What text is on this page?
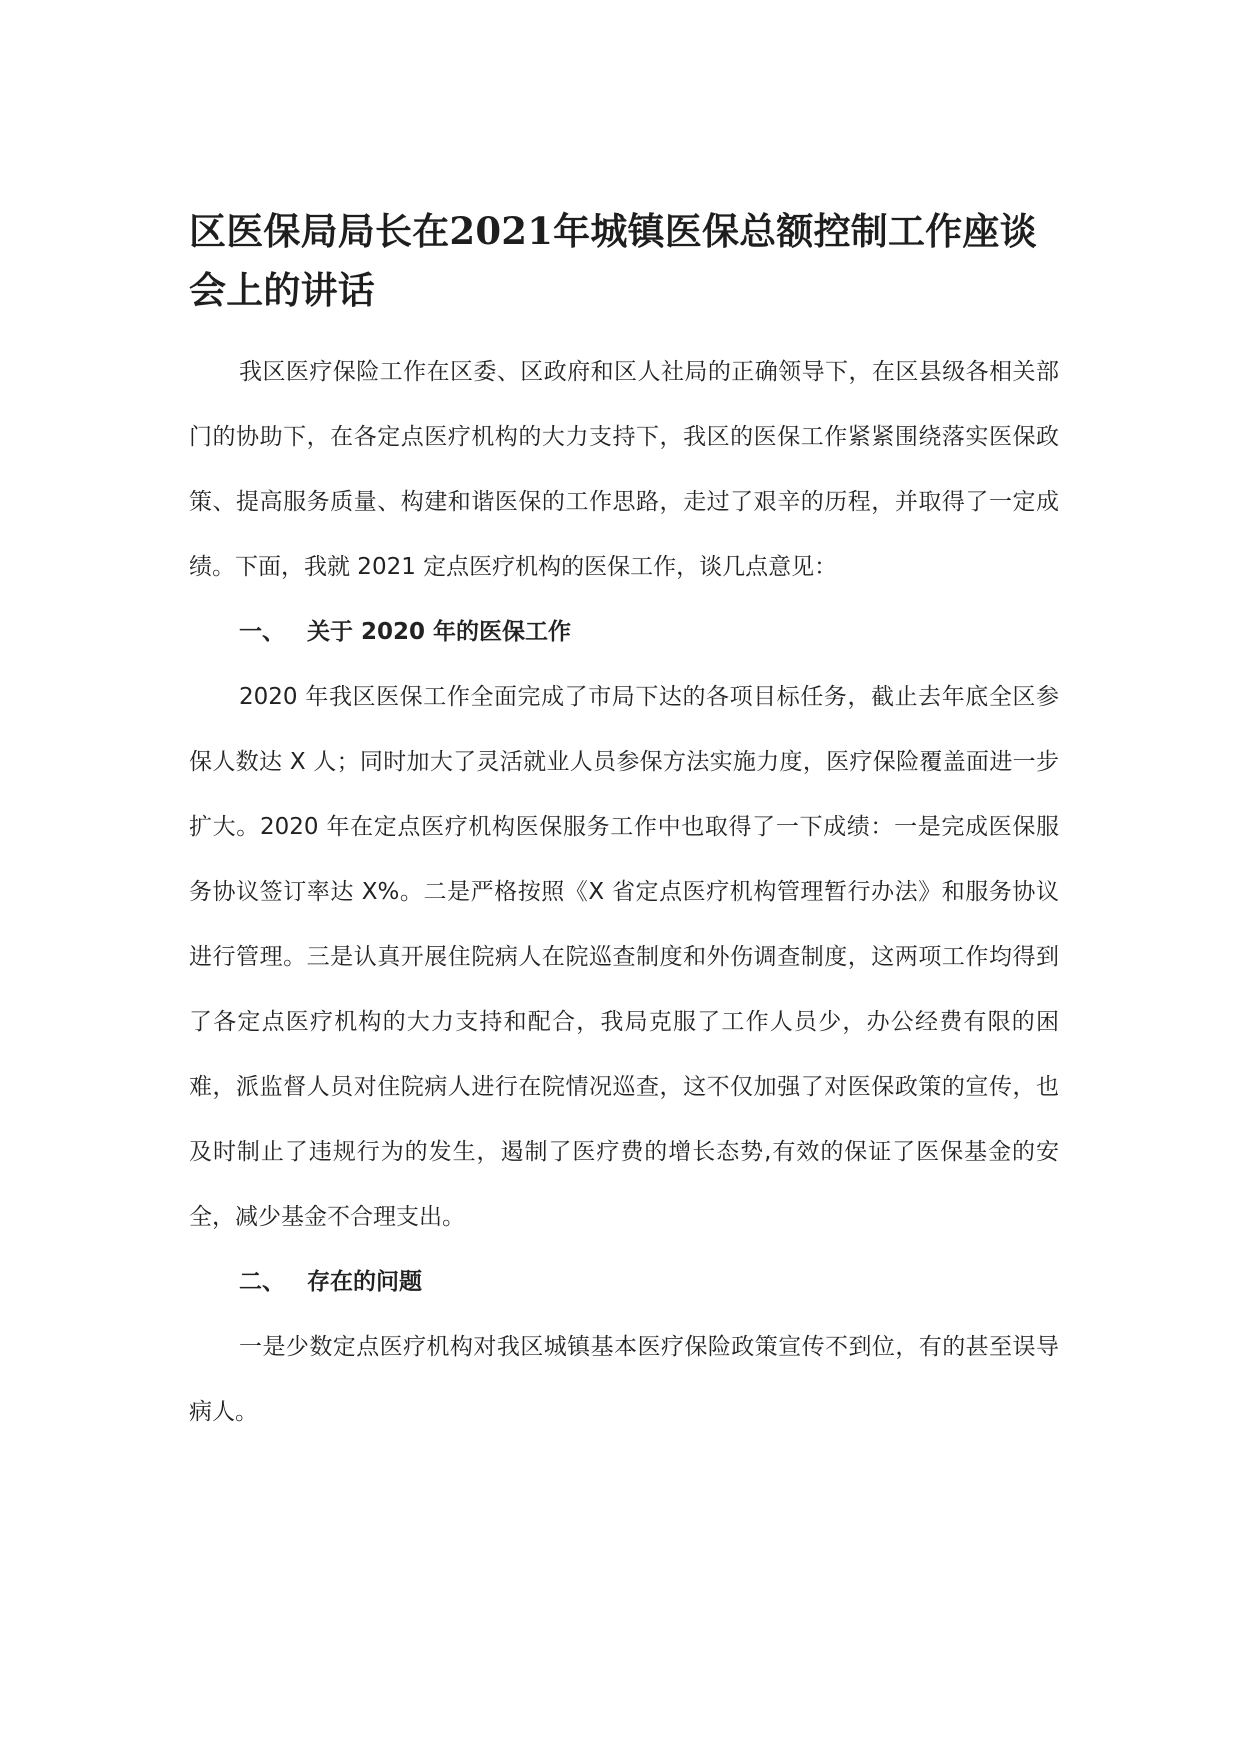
区医保局局长在2021年城镇医保总额控制工作座谈会上的讲话

我区医疗保险工作在区委、区政府和区人社局的正确领导下，在区县级各相关部门的协助下，在各定点医疗机构的大力支持下，我区的医保工作紧紧围绕落实医保政策、提高服务质量、构建和谐医保的工作思路，走过了艰辛的历程，并取得了一定成绩。下面，我就 2021 定点医疗机构的医保工作，谈几点意见：

一、 关于 2020 年的医保工作

2020 年我区医保工作全面完成了市局下达的各项目标任务，截止去年底全区参保人数达 X 人；同时加大了灵活就业人员参保方法实施力度，医疗保险覆盖面进一步扩大。2020 年在定点医疗机构医保服务工作中也取得了一下成绩：一是完成医保服务协议签订率达 X%。二是严格按照《X 省定点医疗机构管理暂行办法》和服务协议进行管理。三是认真开展住院病人在院巡查制度和外伤调查制度，这两项工作均得到了各定点医疗机构的大力支持和配合，我局克服了工作人员少，办公经费有限的困难，派监督人员对住院病人进行在院情况巡查，这不仅加强了对医保政策的宣传，也及时制止了违规行为的发生，遏制了医疗费的增长态势,有效的保证了医保基金的安全，减少基金不合理支出。

二、 存在的问题

一是少数定点医疗机构对我区城镇基本医疗保险政策宣传不到位，有的甚至误导病人。
